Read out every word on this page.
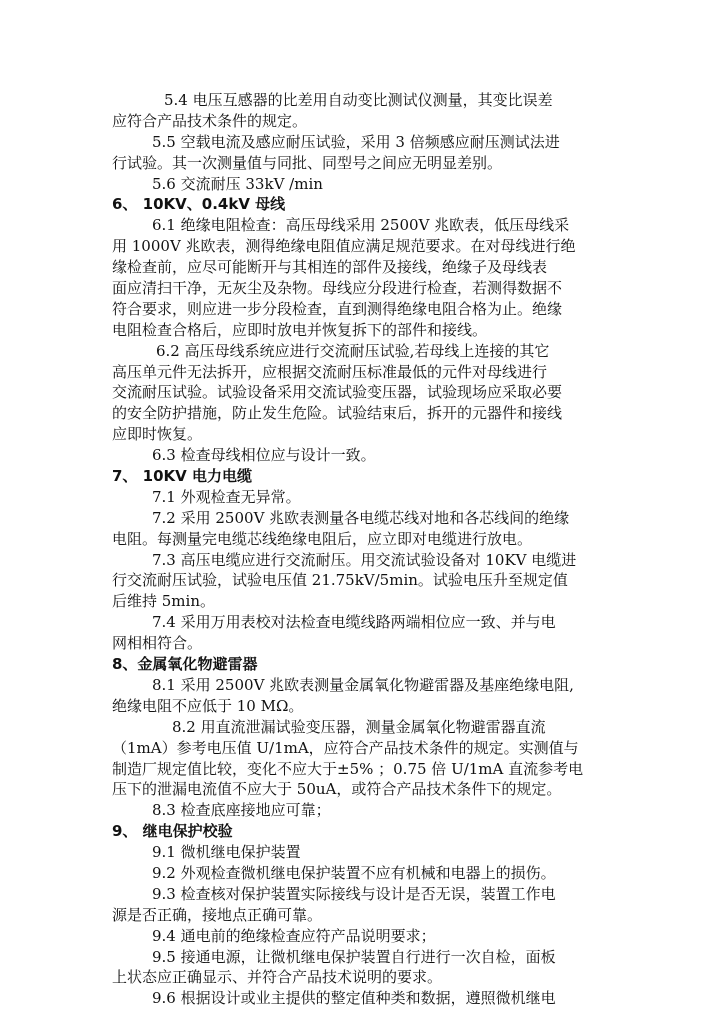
5.4 电压互感器的比差用自动变比测试仪测量，其变比误差
应符合产品技术条件的规定。
5.5 空载电流及感应耐压试验，采用 3 倍频感应耐压测试法进
行试验。其一次测量值与同批、同型号之间应无明显差别。
5.6 交流耐压 33kV /min
6、 10KV、0.4kV 母线
6.1 绝缘电阻检查：高压母线采用 2500V 兆欧表，低压母线采
用 1000V 兆欧表，测得绝缘电阻值应满足规范要求。在对母线进行绝
缘检查前，应尽可能断开与其相连的部件及接线，绝缘子及母线表
面应清扫干净，无灰尘及杂物。母线应分段进行检查，若测得数据不
符合要求，则应进一步分段检查，直到测得绝缘电阻合格为止。绝缘
电阻检查合格后，应即时放电并恢复拆下的部件和接线。
6.2 高压母线系统应进行交流耐压试验,若母线上连接的其它
高压单元件无法拆开，应根据交流耐压标准最低的元件对母线进行
交流耐压试验。试验设备采用交流试验变压器，试验现场应采取必要
的安全防护措施，防止发生危险。试验结束后，拆开的元器件和接线
应即时恢复。
6.3 检查母线相位应与设计一致。
7、 10KV 电力电缆
7.1 外观检查无异常。
7.2 采用 2500V 兆欧表测量各电缆芯线对地和各芯线间的绝缘
电阻。每测量完电缆芯线绝缘电阻后，应立即对电缆进行放电。
7.3 高压电缆应进行交流耐压。用交流试验设备对 10KV 电缆进
行交流耐压试验，试验电压值 21.75kV/5min。试验电压升至规定值
后维持 5min。
7.4 采用万用表校对法检查电缆线路两端相位应一致、并与电
网相相符合。
8、金属氧化物避雷器
8.1 采用 2500V 兆欧表测量金属氧化物避雷器及基座绝缘电阻,
绝缘电阻不应低于 10 MΩ。
8.2 用直流泄漏试验变压器，测量金属氧化物避雷器直流
（1mA）参考电压值 U/1mA，应符合产品技术条件的规定。实测值与
制造厂规定值比较，变化不应大于±5% ；0.75 倍 U/1mA 直流参考电
压下的泄漏电流值不应大于 50uA，或符合产品技术条件下的规定。
8.3 检查底座接地应可靠；
9、 继电保护校验
9.1 微机继电保护装置
9.2 外观检查微机继电保护装置不应有机械和电器上的损伤。
9.3 检查核对保护装置实际接线与设计是否无误，装置工作电
源是否正确，接地点正确可靠。
9.4 通电前的绝缘检查应符产品说明要求；
9.5 接通电源，让微机继电保护装置自行进行一次自检，面板
上状态应正确显示、并符合产品技术说明的要求。
9.6 根据设计或业主提供的整定值种类和数据，遵照微机继电
